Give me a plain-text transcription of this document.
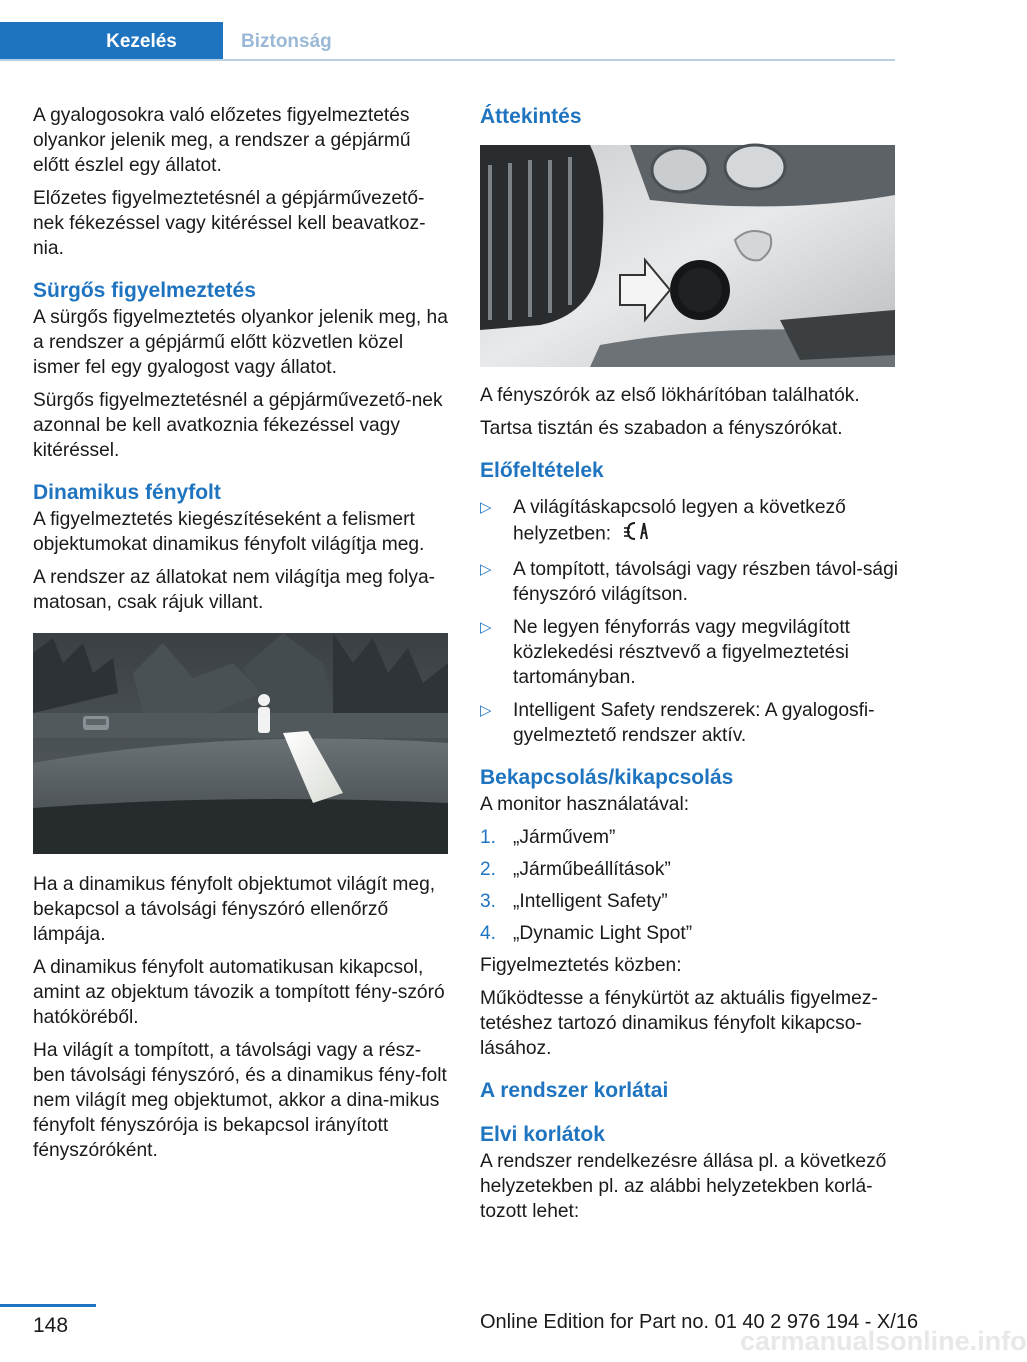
Kezelés	Biztonság

A gyalogosokra való előzetes figyelmeztetés olyankor jelenik meg, a rendszer a gépjármű előtt észlel egy állatot.

Előzetes figyelmeztetésnél a gépjárművezető-nek fékezéssel vagy kitéréssel kell beavatkoz-nia.

Sürgős figyelmeztetés

A sürgős figyelmeztetés olyankor jelenik meg, ha a rendszer a gépjármű előtt közvetlen közel ismer fel egy gyalogost vagy állatot.

Sürgős figyelmeztetésnél a gépjárművezető-nek azonnal be kell avatkoznia fékezéssel vagy kitéréssel.

Dinamikus fényfolt

A figyelmeztetés kiegészítéseként a felismert objektumokat dinamikus fényfolt világítja meg.

A rendszer az állatokat nem világítja meg folya-matosan, csak rájuk villant.

Ha a dinamikus fényfolt objektumot világít meg, bekapcsol a távolsági fényszóró ellenőrző lámpája.

A dinamikus fényfolt automatikusan kikapcsol, amint az objektum távozik a tompított fény-szóró hatóköréből.

Ha világít a tompított, a távolsági vagy a rész-ben távolsági fényszóró, és a dinamikus fény-folt nem világít meg objektumot, akkor a dina-mikus fényfolt fényszórója is bekapcsol irányított fényszóróként.

Áttekintés

A fényszórók az első lökhárítóban találhatók.

Tartsa tisztán és szabadon a fényszórókat.

Előfeltételek
▷ A világításkapcsoló legyen a következő helyzetben:
▷ A tompított, távolsági vagy részben távol-sági fényszóró világítson.
▷ Ne legyen fényforrás vagy megvilágított közlekedési résztvevő a figyelmeztetési tartományban.
▷ Intelligent Safety rendszerek: A gyalogosfi-gyelmeztető rendszer aktív.
Bekapcsolás/kikapcsolás

A monitor használatával:

1. „Járművem”
2. „Járműbeállítások”
3. „Intelligent Safety”
4. „Dynamic Light Spot”

Figyelmeztetés közben:

Működtesse a fénykürtöt az aktuális figyelmez-tetéshez tartozó dinamikus fényfolt kikapcso-lásához.

A rendszer korlátai
Elvi korlátok

A rendszer rendelkezésre állása pl. a következő helyzetekben pl. az alábbi helyzetekben korlá-tozott lehet:

148	Online Edition for Part no. 01 40 2 976 194 - X/16
carmanualsonline.info
